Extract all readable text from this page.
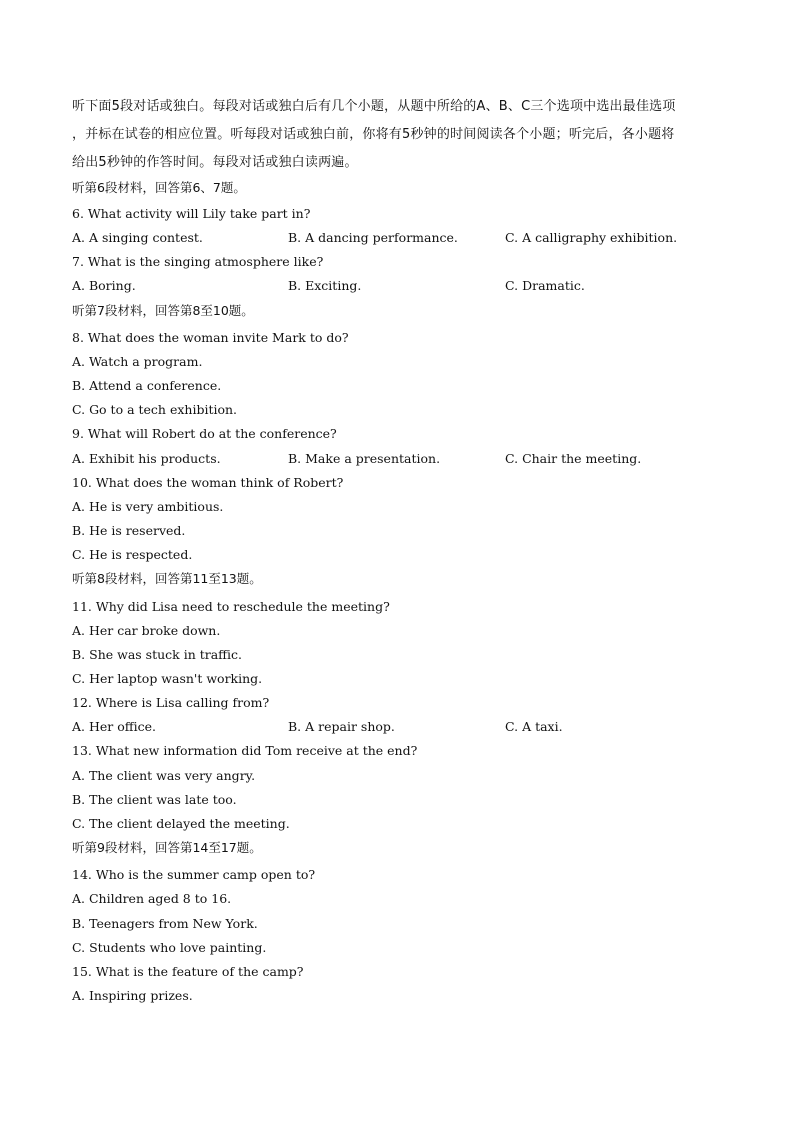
听下面5段对话或独白。每段对话或独白后有几个小题，从题中所给的A、B、C三个选项中选出最佳选项
，并标在试卷的相应位置。听每段对话或独白前，你将有5秒钟的时间阅读各个小题；听完后，各小题将
给出5秒钟的作答时间。每段对话或独白读两遍。
听第6段材料，回答第6、7题。
6. What activity will Lily take part in?
A. A singing contest.	B. A dancing performance.	C. A calligraphy exhibition.
7. What is the singing atmosphere like?
A. Boring.	B. Exciting.	C. Dramatic.
听第7段材料，回答第8至10题。
8. What does the woman invite Mark to do?
A. Watch a program.
B. Attend a conference.
C. Go to a tech exhibition.
9. What will Robert do at the conference?
A. Exhibit his products.	B. Make a presentation.	C. Chair the meeting.
10. What does the woman think of Robert?
A. He is very ambitious.
B. He is reserved.
C. He is respected.
听第8段材料，回答第11至13题。
11. Why did Lisa need to reschedule the meeting?
A. Her car broke down.
B. She was stuck in traffic.
C. Her laptop wasn't working.
12. Where is Lisa calling from?
A. Her office.	B. A repair shop.	C. A taxi.
13. What new information did Tom receive at the end?
A. The client was very angry.
B. The client was late too.
C. The client delayed the meeting.
听第9段材料，回答第14至17题。
14. Who is the summer camp open to?
A. Children aged 8 to 16.
B. Teenagers from New York.
C. Students who love painting.
15. What is the feature of the camp?
A. Inspiring prizes.
